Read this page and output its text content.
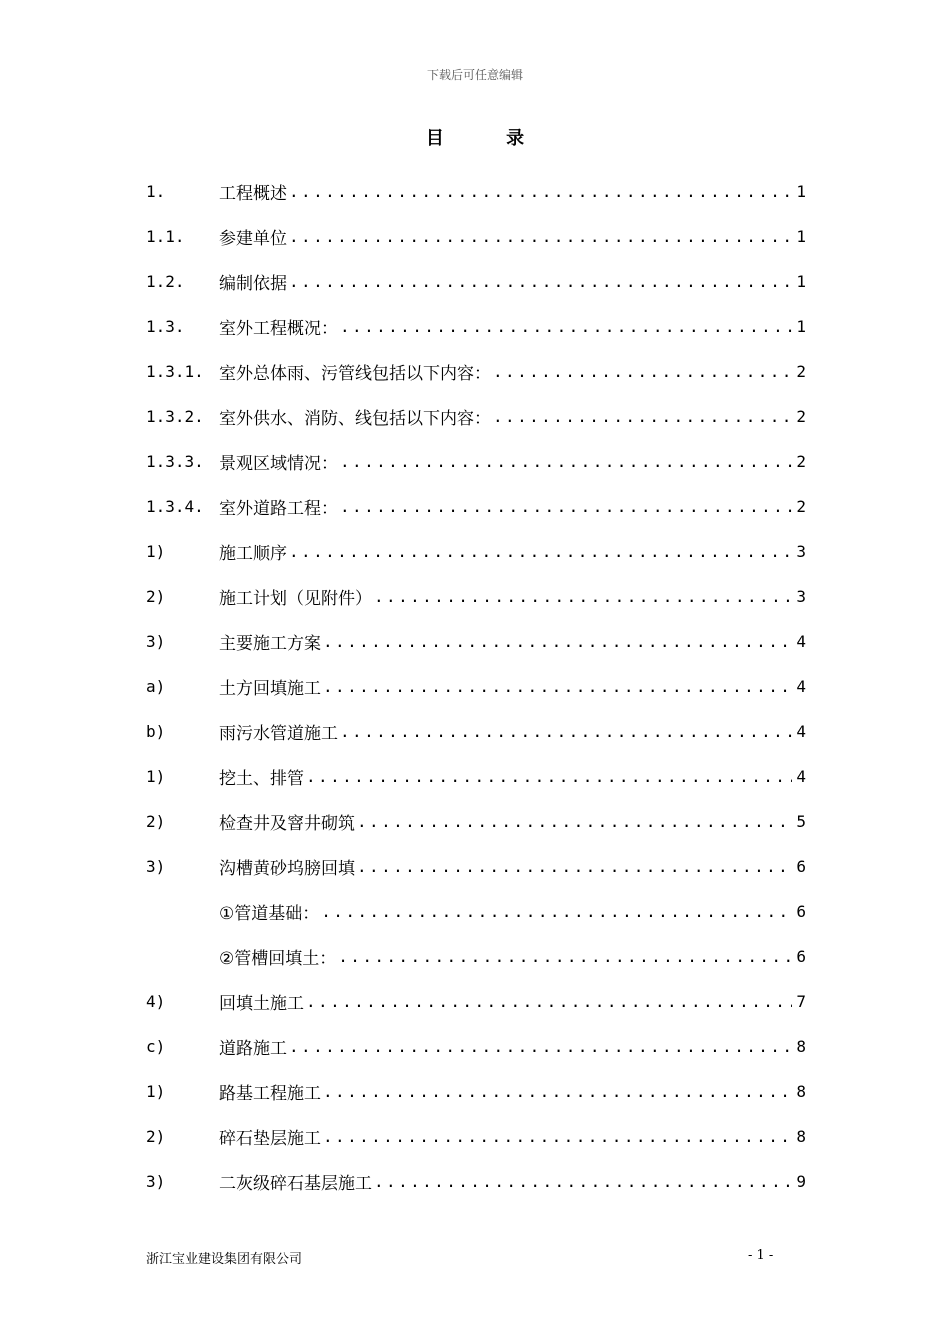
下载后可任意编辑
目 录
1.	工程概述 .....	1
1.1.	参建单位 .....	1
1.2.	编制依据 .....	1
1.3.	室外工程概况： .....	1
1.3.1. 室外总体雨、污管线包括以下内容： .....	2
1.3.2. 室外供水、消防、线包括以下内容： .....	2
1.3.3. 景观区域情况： .....	2
1.3.4. 室外道路工程： .....	2
1)	施工顺序 .....	3
2)	施工计划（见附件） .....	3
3)	主要施工方案 .....	4
a)	土方回填施工 .....	4
b)	雨污水管道施工 .....	4
1)	挖土、排管 .....	4
2)	检查井及窨井砌筑 .....	5
3)	沟槽黄砂坞膀回填 .....	6
①管道基础： .....	6
②管槽回填土： .....	6
4)	回填土施工 .....	7
c)	道路施工 .....	8
1)	路基工程施工 .....	8
2)	碎石垫层施工 .....	8
3)	二灰级碎石基层施工 .....	9
浙江宝业建设集团有限公司	- 1 -
